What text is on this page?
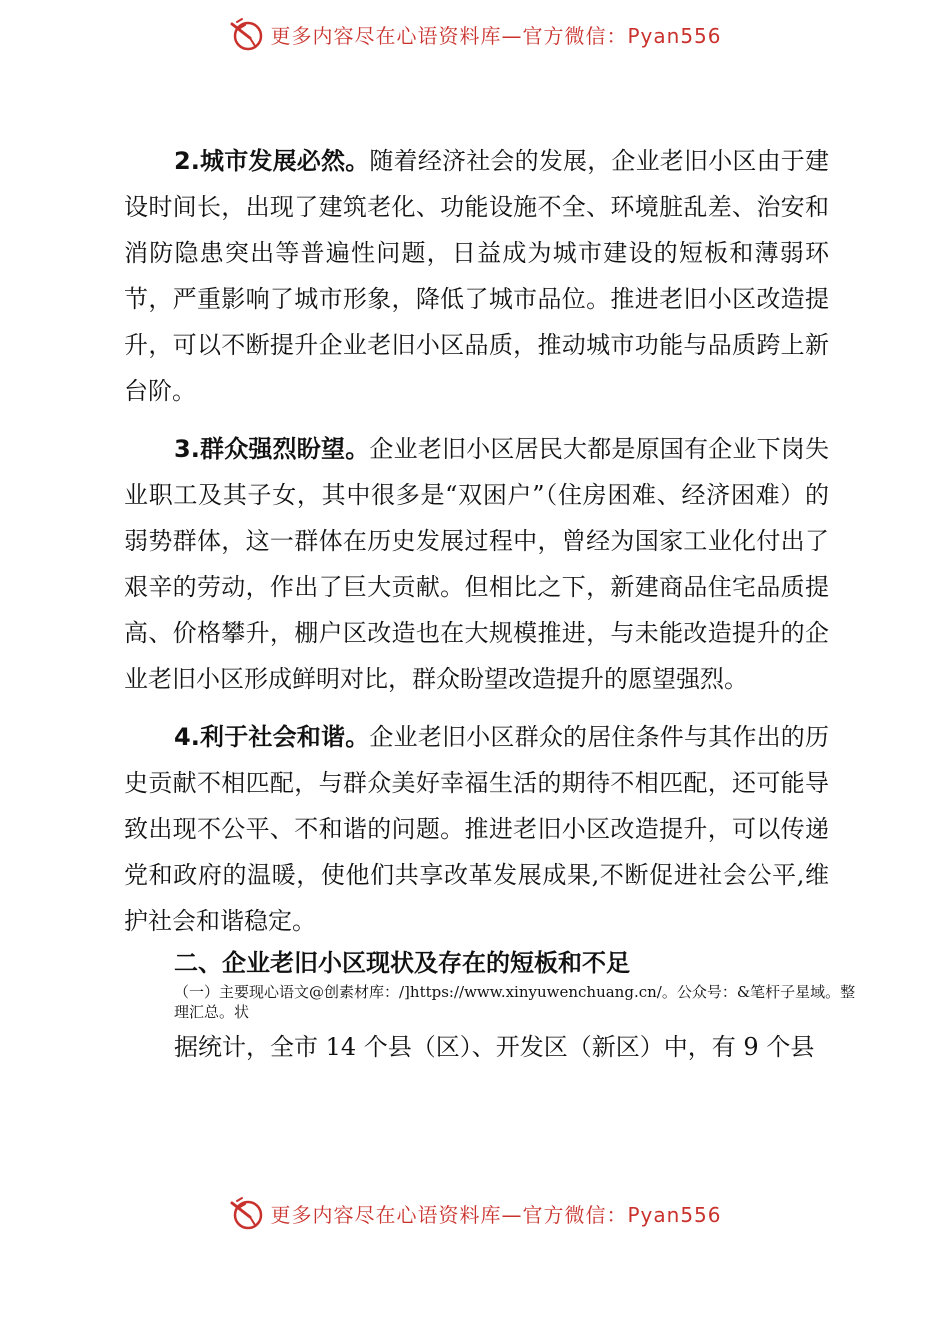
更多内容尽在心语资料库—官方微信：Pyan556

2.城市发展必然。随着经济社会的发展，企业老旧小区由于建设时间长，出现了建筑老化、功能设施不全、环境脏乱差、治安和消防隐患突出等普遍性问题，日益成为城市建设的短板和薄弱环节，严重影响了城市形象，降低了城市品位。推进老旧小区改造提升，可以不断提升企业老旧小区品质，推动城市功能与品质跨上新台阶。

3.群众强烈盼望。企业老旧小区居民大都是原国有企业下岗失业职工及其子女，其中很多是“双困户”（住房困难、经济困难）的弱势群体，这一群体在历史发展过程中，曾经为国家工业化付出了艰辛的劳动，作出了巨大贡献。但相比之下，新建商品住宅品质提高、价格攀升，棚户区改造也在大规模推进，与未能改造提升的企业老旧小区形成鲜明对比，群众盼望改造提升的愿望强烈。

4.利于社会和谐。企业老旧小区群众的居住条件与其作出的历史贡献不相匹配，与群众美好幸福生活的期待不相匹配，还可能导致出现不公平、不和谐的问题。推进老旧小区改造提升，可以传递党和政府的温暖，使他们共享改革发展成果,不断促进社会公平,维护社会和谐稳定。

二、企业老旧小区现状及存在的短板和不足

（一）主要现心语文@创素材库：/]https://www.xinyuwenchuang.cn/。公众号：&笔杆子星域。整理汇总。状

据统计，全市 14 个县（区）、开发区（新区）中，有 9 个县

更多内容尽在心语资料库—官方微信：Pyan556
